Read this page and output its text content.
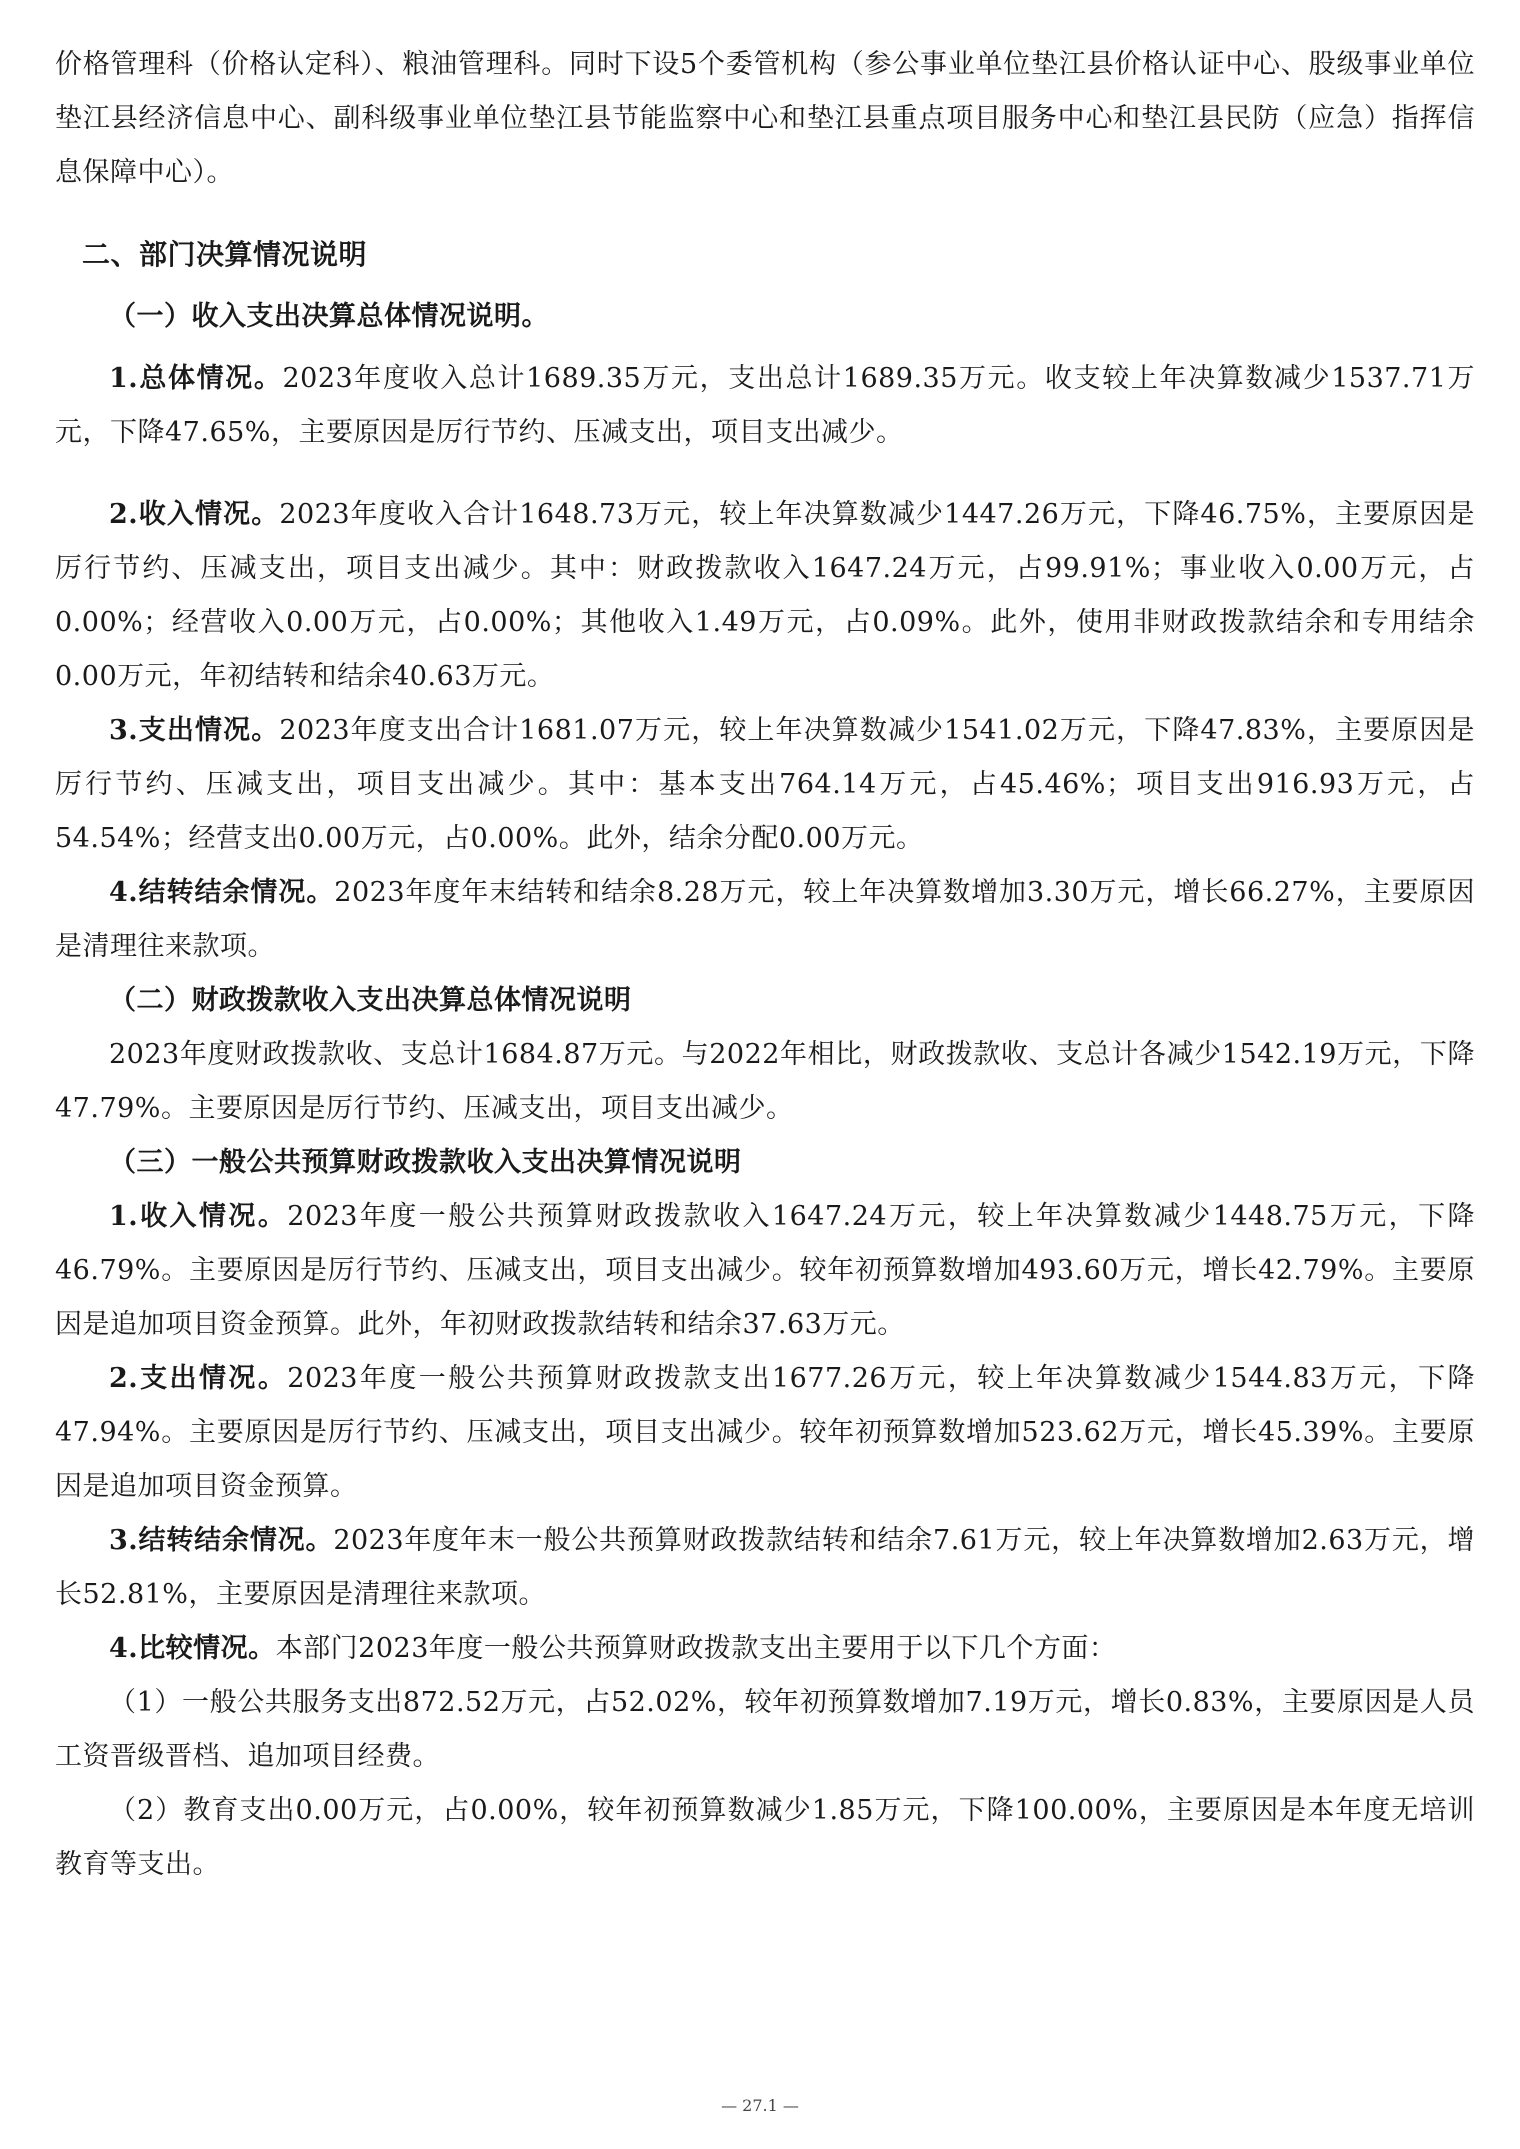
价格管理科（价格认定科）、粮油管理科。同时下设5个委管机构（参公事业单位垫江县价格认证中心、股级事业单位垫江县经济信息中心、副科级事业单位垫江县节能监察中心和垫江县重点项目服务中心和垫江县民防（应急）指挥信息保障中心）。

二、部门决算情况说明

（一）收入支出决算总体情况说明。

1.总体情况。2023年度收入总计1689.35万元，支出总计1689.35万元。收支较上年决算数减少1537.71万元，下降47.65%，主要原因是厉行节约、压减支出，项目支出减少。

2.收入情况。2023年度收入合计1648.73万元，较上年决算数减少1447.26万元，下降46.75%，主要原因是厉行节约、压减支出，项目支出减少。其中：财政拨款收入1647.24万元，占99.91%；事业收入0.00万元，占0.00%；经营收入0.00万元，占0.00%；其他收入1.49万元，占0.09%。此外，使用非财政拨款结余和专用结余0.00万元，年初结转和结余40.63万元。

3.支出情况。2023年度支出合计1681.07万元，较上年决算数减少1541.02万元，下降47.83%，主要原因是厉行节约、压减支出，项目支出减少。其中：基本支出764.14万元，占45.46%；项目支出916.93万元，占54.54%；经营支出0.00万元，占0.00%。此外，结余分配0.00万元。

4.结转结余情况。2023年度年末结转和结余8.28万元，较上年决算数增加3.30万元，增长66.27%，主要原因是清理往来款项。

（二）财政拨款收入支出决算总体情况说明

2023年度财政拨款收、支总计1684.87万元。与2022年相比，财政拨款收、支总计各减少1542.19万元，下降47.79%。主要原因是厉行节约、压减支出，项目支出减少。

（三）一般公共预算财政拨款收入支出决算情况说明

1.收入情况。2023年度一般公共预算财政拨款收入1647.24万元，较上年决算数减少1448.75万元，下降46.79%。主要原因是厉行节约、压减支出，项目支出减少。较年初预算数增加493.60万元，增长42.79%。主要原因是追加项目资金预算。此外，年初财政拨款结转和结余37.63万元。

2.支出情况。2023年度一般公共预算财政拨款支出1677.26万元，较上年决算数减少1544.83万元，下降47.94%。主要原因是厉行节约、压减支出，项目支出减少。较年初预算数增加523.62万元，增长45.39%。主要原因是追加项目资金预算。

3.结转结余情况。2023年度年末一般公共预算财政拨款结转和结余7.61万元，较上年决算数增加2.63万元，增长52.81%，主要原因是清理往来款项。

4.比较情况。本部门2023年度一般公共预算财政拨款支出主要用于以下几个方面：

（1）一般公共服务支出872.52万元，占52.02%，较年初预算数增加7.19万元，增长0.83%，主要原因是人员工资晋级晋档、追加项目经费。

（2）教育支出0.00万元，占0.00%，较年初预算数减少1.85万元，下降100.00%，主要原因是本年度无培训教育等支出。

— 27.1 —
